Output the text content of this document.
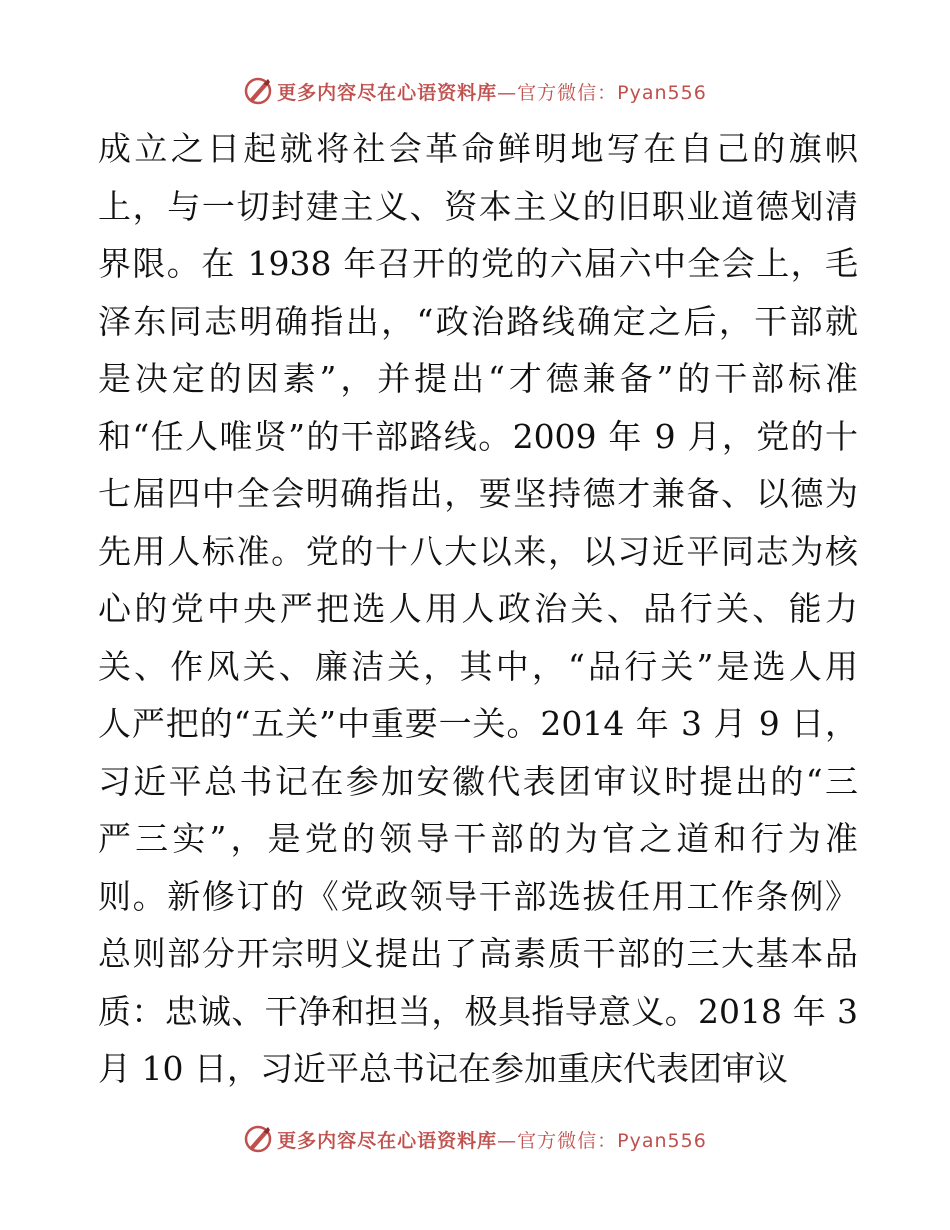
更多内容尽在心语资料库—官方微信：Pyan556
成立之日起就将社会革命鲜明地写在自己的旗帜
上，与一切封建主义、资本主义的旧职业道德划清
界限。在 1938 年召开的党的六届六中全会上，毛
泽东同志明确指出，“政治路线确定之后，干部就
是决定的因素”，并提出“才德兼备”的干部标准
和“任人唯贤”的干部路线。2009 年 9 月，党的十
七届四中全会明确指出，要坚持德才兼备、以德为
先用人标准。党的十八大以来，以习近平同志为核
心的党中央严把选人用人政治关、品行关、能力
关、作风关、廉洁关，其中，“品行关”是选人用
人严把的“五关”中重要一关。2014 年 3 月 9 日，
习近平总书记在参加安徽代表团审议时提出的“三
严三实”，是党的领导干部的为官之道和行为准
则。新修订的《党政领导干部选拔任用工作条例》
总则部分开宗明义提出了高素质干部的三大基本品
质：忠诚、干净和担当，极具指导意义。2018 年 3
月 10 日，习近平总书记在参加重庆代表团审议
更多内容尽在心语资料库—官方微信：Pyan556
